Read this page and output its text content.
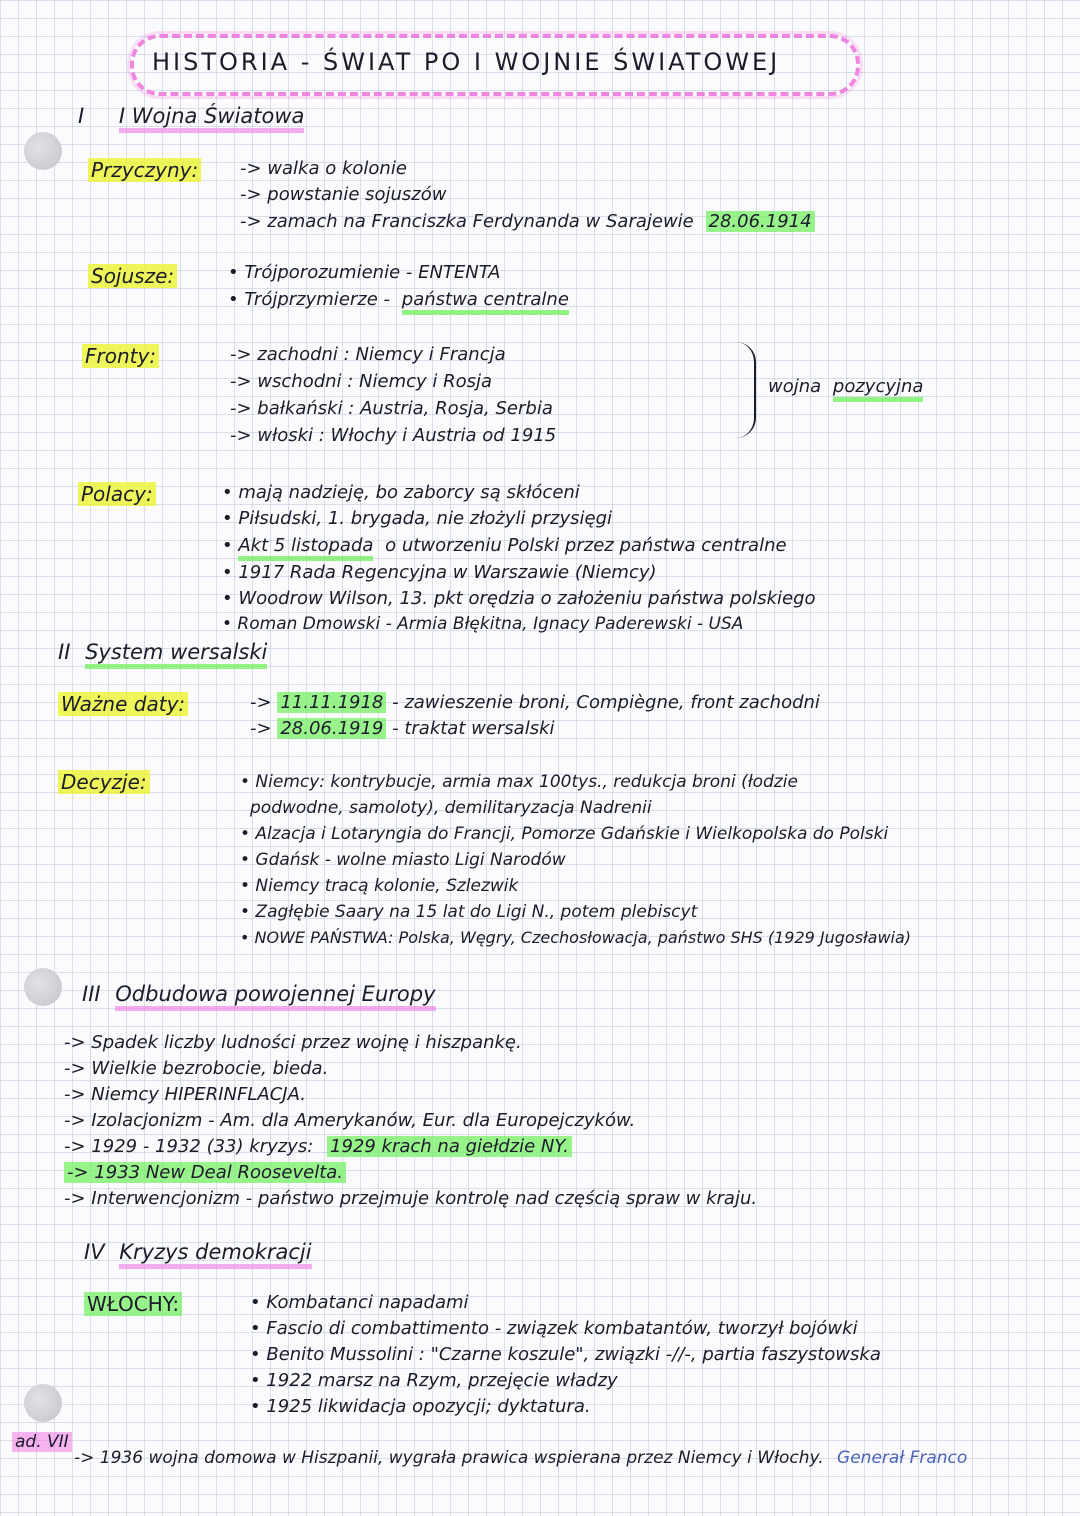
HISTORIA - ŚWIAT PO I WOJNIE ŚWIATOWEJ
I I Wojna Światowa
Przyczyny: -> walka o kolonie
-> powstanie sojuszów
-> zamach na Franciszka Ferdynanda w Sarajewie 28.06.1914
Sojusze:	• Trójporozumienie - ENTENTA
• Trójprzymierze - państwa centralne
Fronty:	-> zachodni : Niemcy i Francja
-> wschodni : Niemcy i Rosja
-> bałkański : Austria, Rosja, Serbia
-> włoski : Włochy i Austria od 1915
wojna pozycyjna
Polacy:	• mają nadzieję, bo zaborcy są skłóceni
• Piłsudski, 1. brygada, nie złożyli przysięgi
• Akt 5 listopada o utworzeniu Polski przez państwa centralne
• 1917 Rada Regencyjna w Warszawie (Niemcy)
• Woodrow Wilson, 13. pkt orędzia o założeniu państwa polskiego
• Roman Dmowski - Armia Błękitna, Ignacy Paderewski - USA
II System wersalski
Ważne daty:	-> 11.11.1918 - zawieszenie broni, Compiègne, front zachodni
-> 28.06.1919 - traktat wersalski
Decyzje:	• Niemcy: kontrybucje, armia max 100tys., redukcja broni (łodzie
podwodne, samoloty), demilitaryzacja Nadrenii
• Alzacja i Lotaryngia do Francji, Pomorze Gdańskie i Wielkopolska do Polski
• Gdańsk - wolne miasto Ligi Narodów
• Niemcy tracą kolonie, Szlezwik
• Zagłębie Saary na 15 lat do Ligi N., potem plebiscyt
• NOWE PAŃSTWA: Polska, Węgry, Czechosłowacja, państwo SHS (1929 Jugosławia)
III Odbudowa powojennej Europy
-> Spadek liczby ludności przez wojnę i hiszpankę.
-> Wielkie bezrobocie, bieda.
-> Niemcy HIPERINFLACJA.
-> Izolacjonizm - Am. dla Amerykanów, Eur. dla Europejczyków.
-> 1929 - 1932 (33) kryzys: 1929 krach na giełdzie NY.
-> 1933 New Deal Roosevelta.
-> Interwencjonizm - państwo przejmuje kontrolę nad częścią spraw w kraju.
IV Kryzys demokracji
WŁOCHY:	• Kombatanci napadami
• Fascio di combattimento - związek kombatantów, tworzył bojówki
• Benito Mussolini : "Czarne koszule", związki -//-, partia faszystowska
• 1922 marsz na Rzym, przejęcie władzy
• 1925 likwidacja opozycji; dyktatura.
ad. VII
-> 1936 wojna domowa w Hiszpanii, wygrała prawica wspierana przez Niemcy i Włochy. Generał Franco
